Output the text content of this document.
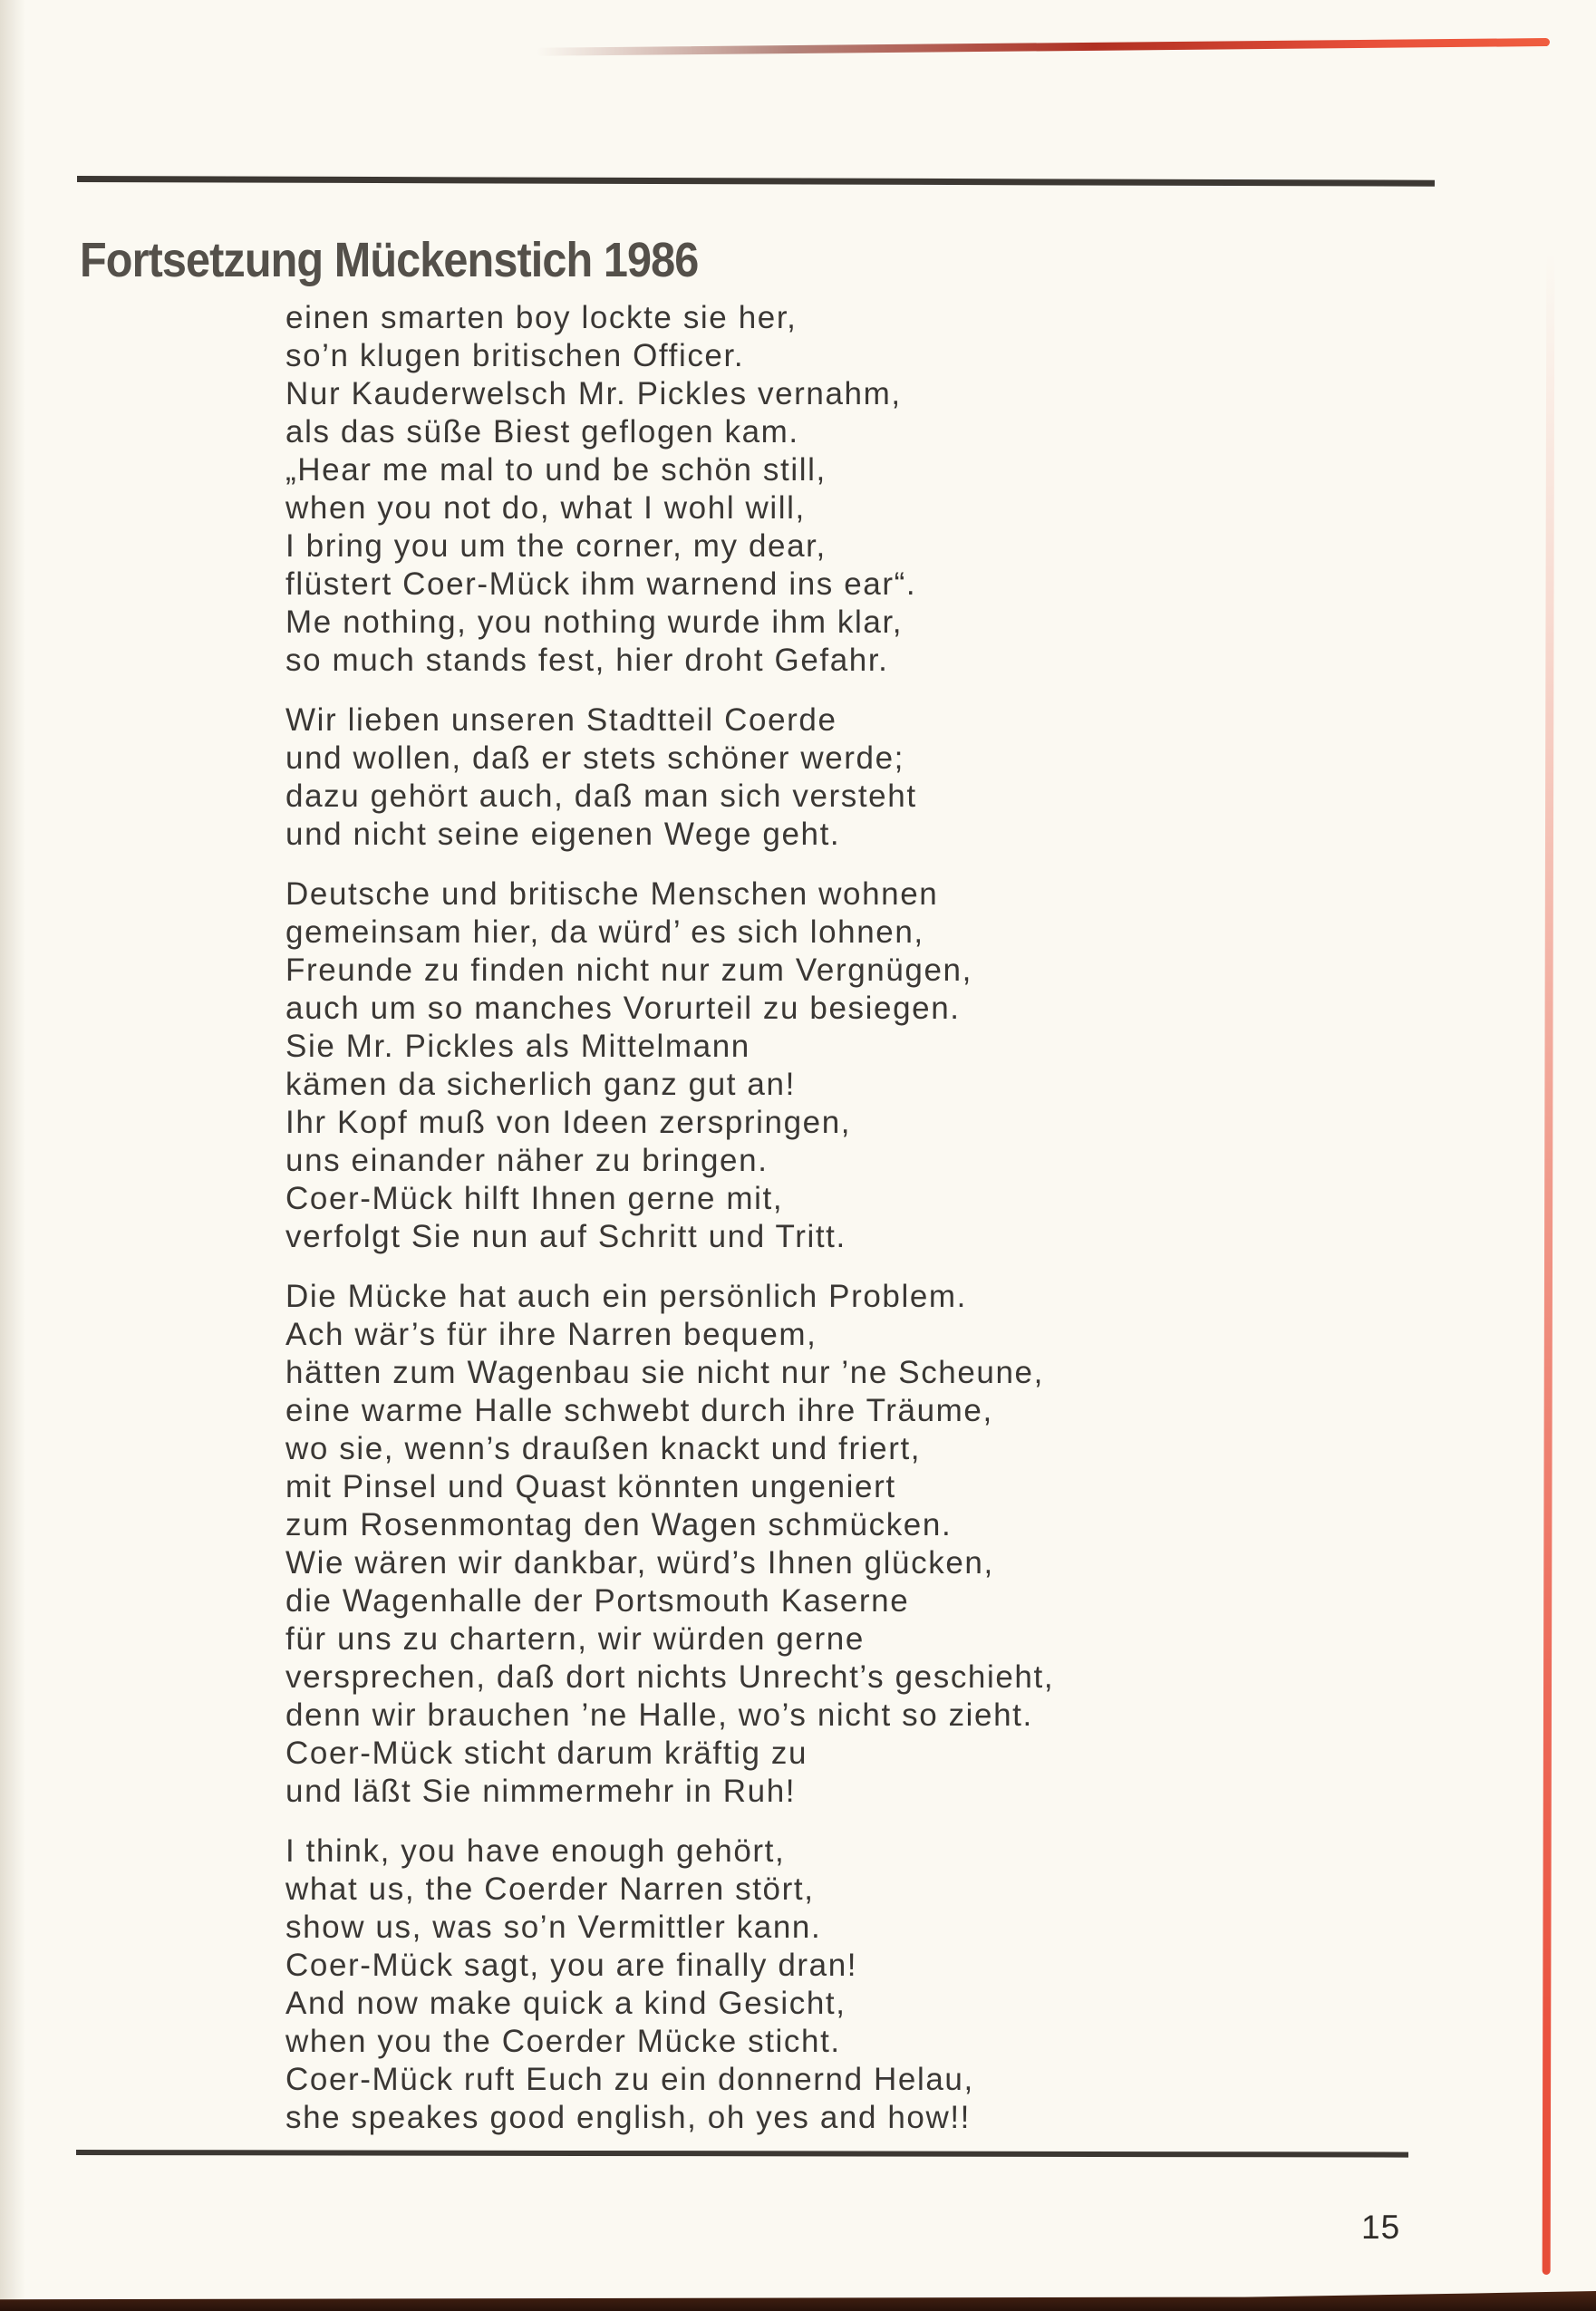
Fortsetzung Mückenstich 1986
einen smarten boy lockte sie her,
so’n klugen britischen Officer.
Nur Kauderwelsch Mr. Pickles vernahm,
als das süße Biest geflogen kam.
„Hear me mal to und be schön still,
when you not do, what I wohl will,
I bring you um the corner, my dear,
flüstert Coer-Mück ihm warnend ins ear“.
Me nothing, you nothing wurde ihm klar,
so much stands fest, hier droht Gefahr.
Wir lieben unseren Stadtteil Coerde
und wollen, daß er stets schöner werde;
dazu gehört auch, daß man sich versteht
und nicht seine eigenen Wege geht.
Deutsche und britische Menschen wohnen
gemeinsam hier, da würd’ es sich lohnen,
Freunde zu finden nicht nur zum Vergnügen,
auch um so manches Vorurteil zu besiegen.
Sie Mr. Pickles als Mittelmann
kämen da sicherlich ganz gut an!
Ihr Kopf muß von Ideen zerspringen,
uns einander näher zu bringen.
Coer-Mück hilft Ihnen gerne mit,
verfolgt Sie nun auf Schritt und Tritt.
Die Mücke hat auch ein persönlich Problem.
Ach wär’s für ihre Narren bequem,
hätten zum Wagenbau sie nicht nur ’ne Scheune,
eine warme Halle schwebt durch ihre Träume,
wo sie, wenn’s draußen knackt und friert,
mit Pinsel und Quast könnten ungeniert
zum Rosenmontag den Wagen schmücken.
Wie wären wir dankbar, würd’s Ihnen glücken,
die Wagenhalle der Portsmouth Kaserne
für uns zu chartern, wir würden gerne
versprechen, daß dort nichts Unrecht’s geschieht,
denn wir brauchen ’ne Halle, wo’s nicht so zieht.
Coer-Mück sticht darum kräftig zu
und läßt Sie nimmermehr in Ruh!
I think, you have enough gehört,
what us, the Coerder Narren stört,
show us, was so’n Vermittler kann.
Coer-Mück sagt, you are finally dran!
And now make quick a kind Gesicht,
when you the Coerder Mücke sticht.
Coer-Mück ruft Euch zu ein donnernd Helau,
she speakes good english, oh yes and how!!
15
